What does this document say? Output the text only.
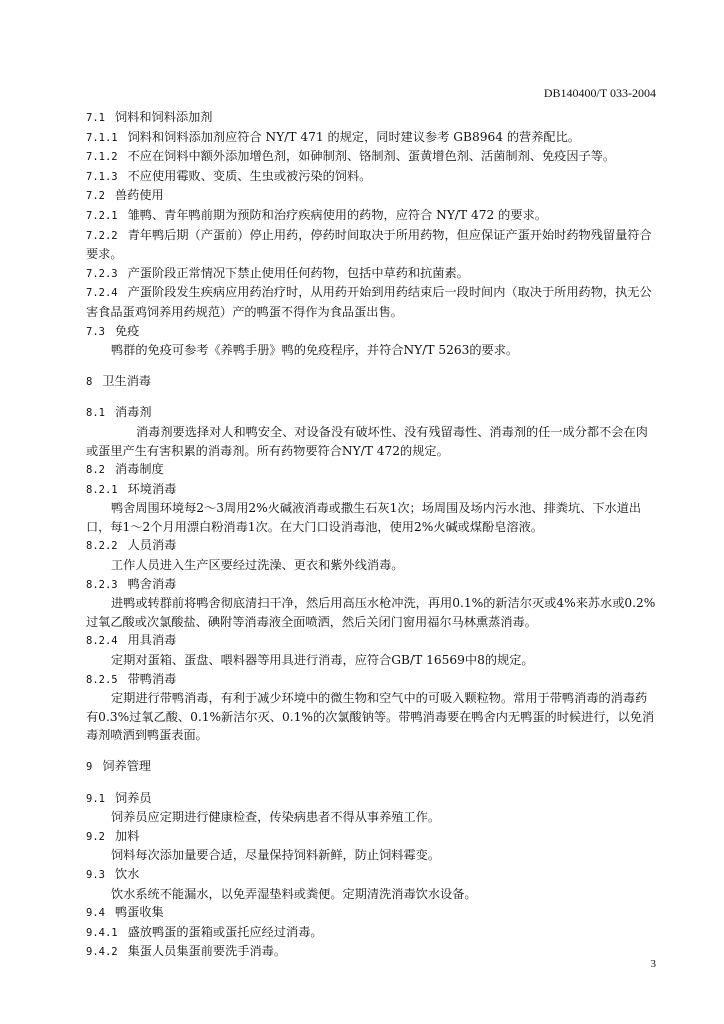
DB140400/T 033-2004

7.1 饲料和饲料添加剂

7.1.1 饲料和饲料添加剂应符合 NY/T 471 的规定，同时建议参考 GB8964 的营养配比。

7.1.2 不应在饲料中额外添加增色剂，如砷制剂、铬制剂、蛋黄增色剂、活菌制剂、免疫因子等。

7.1.3 不应使用霉败、变质、生虫或被污染的饲料。

7.2 兽药使用

7.2.1 雏鸭、青年鸭前期为预防和治疗疾病使用的药物，应符合 NY/T 472 的要求。

7.2.2 青年鸭后期（产蛋前）停止用药，停药时间取决于所用药物，但应保证产蛋开始时药物残留量符合要求。

7.2.3 产蛋阶段正常情况下禁止使用任何药物，包括中草药和抗菌素。

7.2.4 产蛋阶段发生疾病应用药治疗时，从用药开始到用药结束后一段时间内（取决于所用药物，执无公害食品蛋鸡饲养用药规范）产的鸭蛋不得作为食品蛋出售。

7.3 免疫

鸭群的免疫可参考《养鸭手册》鸭的免疫程序，并符合NY/T 5263的要求。

8 卫生消毒

8.1 消毒剂

消毒剂要选择对人和鸭安全、对设备没有破坏性、没有残留毒性、消毒剂的任一成分都不会在肉或蛋里产生有害积累的消毒剂。所有药物要符合NY/T 472的规定。

8.2 消毒制度

8.2.1 环境消毒

鸭舍周围环境每2～3周用2%火碱液消毒或撒生石灰1次；场周围及场内污水池、排粪坑、下水道出口，每1～2个月用漂白粉消毒1次。在大门口设消毒池，使用2%火碱或煤酚皂溶液。

8.2.2 人员消毒

工作人员进入生产区要经过洗澡、更衣和紫外线消毒。

8.2.3 鸭舍消毒

进鸭或转群前将鸭舍彻底清扫干净，然后用高压水枪冲洗，再用0.1%的新洁尔灭或4%来苏水或0.2%过氧乙酸或次氯酸盐、碘附等消毒液全面喷洒，然后关闭门窗用福尔马林熏蒸消毒。

8.2.4 用具消毒

定期对蛋箱、蛋盘、喂料器等用具进行消毒，应符合GB/T 16569中8的规定。

8.2.5 带鸭消毒

定期进行带鸭消毒，有利于减少环境中的微生物和空气中的可吸入颗粒物。常用于带鸭消毒的消毒药有0.3%过氧乙酸、0.1%新洁尔灭、0.1%的次氯酸钠等。带鸭消毒要在鸭舍内无鸭蛋的时候进行，以免消毒剂喷洒到鸭蛋表面。

9 饲养管理

9.1 饲养员

饲养员应定期进行健康检查，传染病患者不得从事养殖工作。

9.2 加料

饲料每次添加量要合适，尽量保持饲料新鲜，防止饲料霉变。

9.3 饮水

饮水系统不能漏水，以免弄湿垫料或粪便。定期清洗消毒饮水设备。

9.4 鸭蛋收集

9.4.1 盛放鸭蛋的蛋箱或蛋托应经过消毒。

9.4.2 集蛋人员集蛋前要洗手消毒。

3
